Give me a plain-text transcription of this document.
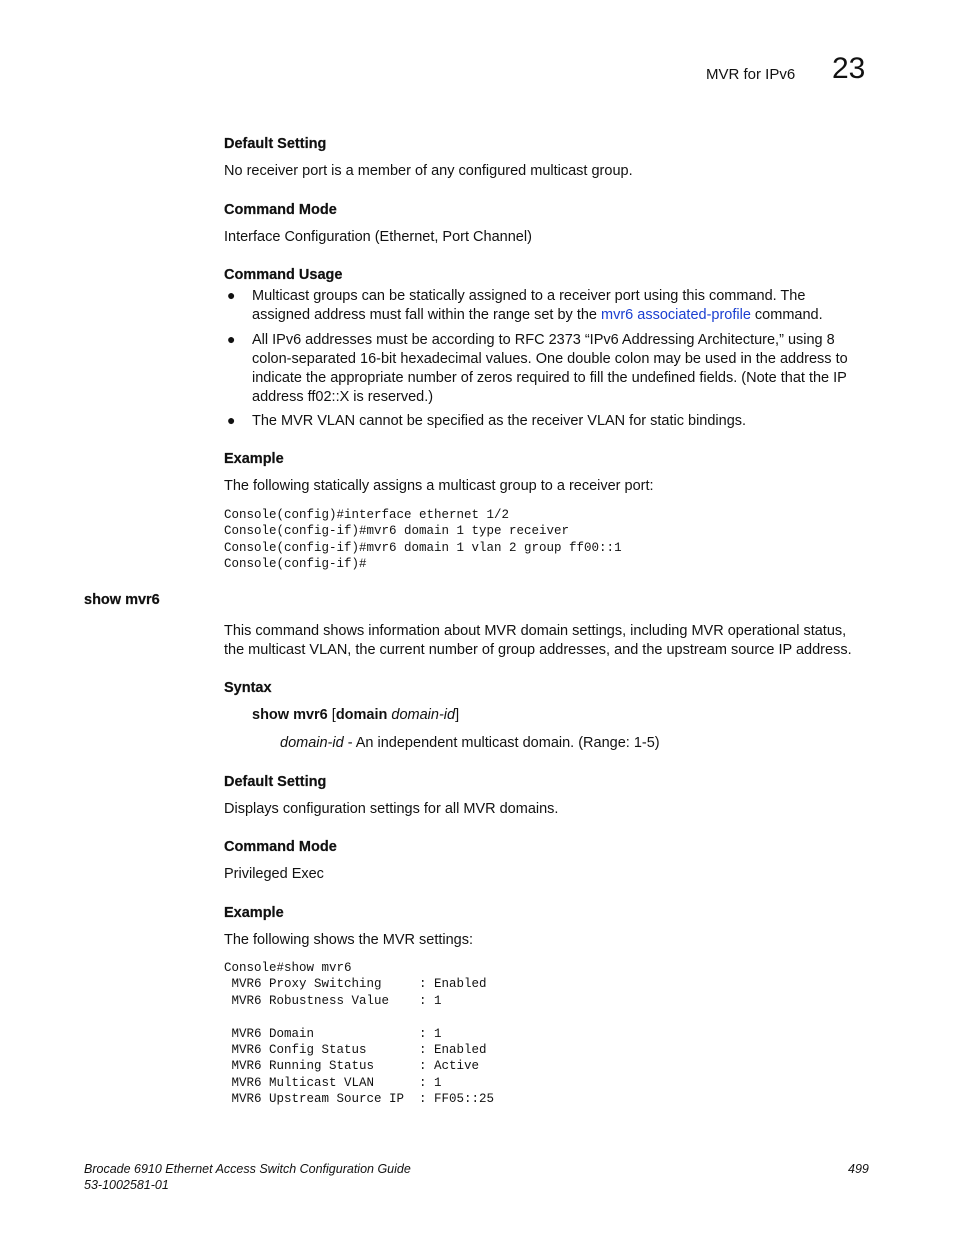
MVR for IPv6 23
Default Setting
No receiver port is a member of any configured multicast group.
Command Mode
Interface Configuration (Ethernet, Port Channel)
Command Usage
● Multicast groups can be statically assigned to a receiver port using this command. The
assigned address must fall within the range set by the mvr6 associated-profile command.
● All IPv6 addresses must be according to RFC 2373 “IPv6 Addressing Architecture,” using 8
colon-separated 16-bit hexadecimal values. One double colon may be used in the address to
indicate the appropriate number of zeros required to fill the undefined fields. (Note that the IP
address ff02::X is reserved.)
● The MVR VLAN cannot be specified as the receiver VLAN for static bindings.
Example
The following statically assigns a multicast group to a receiver port:
Console(config)#interface ethernet 1/2
Console(config-if)#mvr6 domain 1 type receiver
Console(config-if)#mvr6 domain 1 vlan 2 group ff00::1
Console(config-if)#
show mvr6
This command shows information about MVR domain settings, including MVR operational status,
the multicast VLAN, the current number of group addresses, and the upstream source IP address.
Syntax
show mvr6 [domain domain-id]
domain-id - An independent multicast domain. (Range: 1-5)
Default Setting
Displays configuration settings for all MVR domains.
Command Mode
Privileged Exec
Example
The following shows the MVR settings:
Console#show mvr6
MVR6 Proxy Switching     : Enabled
MVR6 Robustness Value    : 1

MVR6 Domain              : 1
MVR6 Config Status       : Enabled
MVR6 Running Status      : Active
MVR6 Multicast VLAN      : 1
MVR6 Upstream Source IP  : FF05::25
Brocade 6910 Ethernet Access Switch Configuration Guide
53-1002581-01
499
